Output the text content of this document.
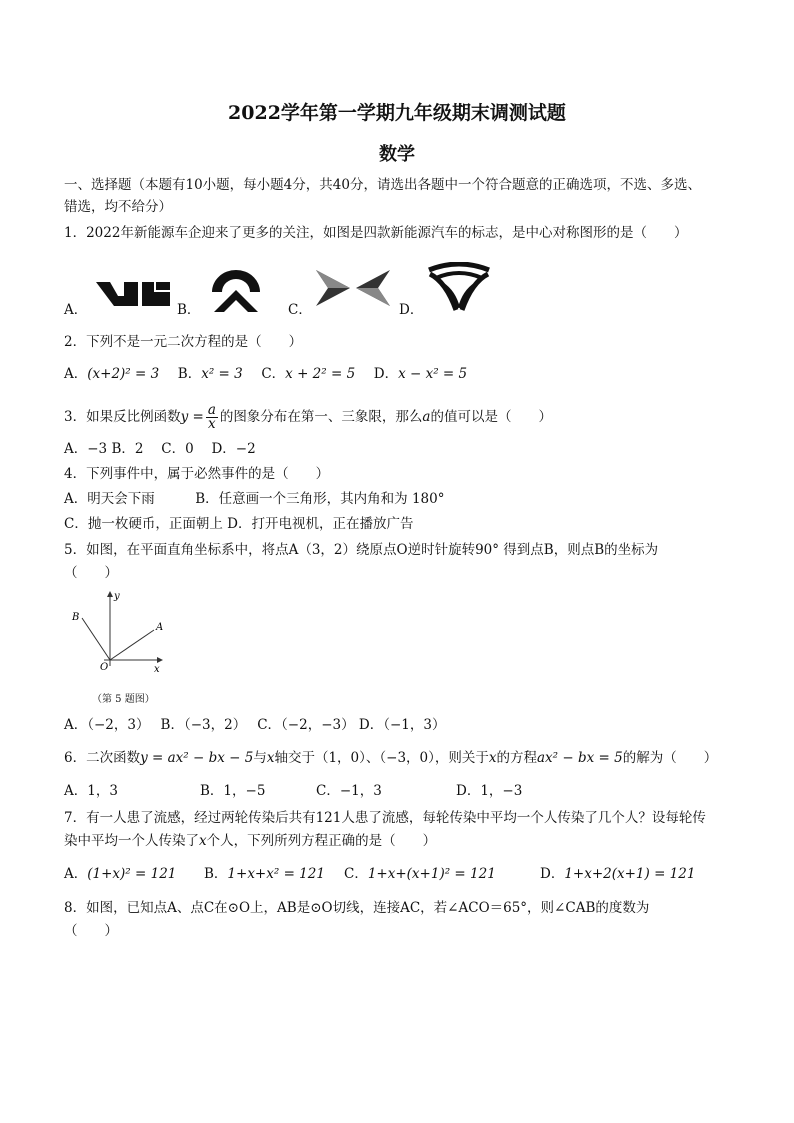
2022学年第一学期九年级期末调测试题
数学
一、选择题（本题有10小题，每小题4分，共40分，请选出各题中一个符合题意的正确选项，不选、多选、
错选，均不给分）
1．2022年新能源车企迎来了更多的关注，如图是四款新能源汽车的标志，是中心对称图形的是（　　）
A．	B．	C．	D．
2．下列不是一元二次方程的是（　　）
A．(x+2)² = 3 B．x² = 3 C．x + 2² = 5 D．x − x² = 5
3．如果反比例函数$y = \frac{a}{x}$ 的图象分布在第一、三象限，那么a的值可以是（　　）
A．−3 B．2　 C．0　 D．−2
4．下列事件中，属于必然事件的是（　　）
A．明天会下雨　　　B．任意画一个三角形，其内角和为 180°
C．抛一枚硬币，正面朝上 D．打开电视机，正在播放广告
5．如图，在平面直角坐标系中，将点A（3，2）绕原点O逆时针旋转90° 得到点B，则点B的坐标为
（　　）
y
x
O
A
B
（第 5 题图）
A．（−2，3）　 B．（−3，2）　 C．（−2，−3） D．（−1，3）
6．二次函数y = ax² − bx − 5与x轴交于（1，0）、（−3，0），则关于x的方程ax² − bx = 5的解为（　　）
A．1，3	B．1，−5	C．−1，3	D．1，−3
7．有一人患了流感，经过两轮传染后共有121人患了流感，每轮传染中平均一个人传染了几个人？设每轮传
染中平均一个人传染了x个人，下列所列方程正确的是（　　）
A．(1+x)² = 121 B．1+x+x² = 121 C．1+x+(x+1)² = 121	D．1+x+2(x+1) = 121
8．如图，已知点A、点C在⊙O上，AB是⊙O切线，连接AC，若∠ACO＝65°，则∠CAB的度数为
（　　）
